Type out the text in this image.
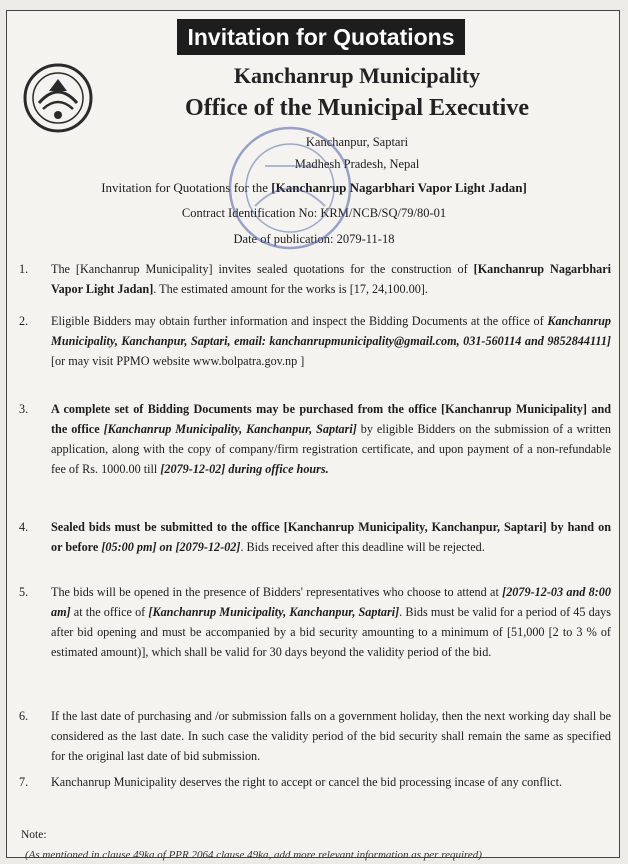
Invitation for Quotations
Kanchanrup Municipality
Office of the Municipal Executive
Kanchanpur, Saptari
Madhesh Pradesh, Nepal
Invitation for Quotations for the [Kanchanrup Nagarbhari Vapor Light Jadan]
Contract Identification No: KRM/NCB/SQ/79/80-01
Date of publication: 2079-11-18
1.	The [Kanchanrup Municipality] invites sealed quotations for the construction of [Kanchanrup Nagarbhari Vapor Light Jadan]. The estimated amount for the works is [17, 24,100.00].
2.	Eligible Bidders may obtain further information and inspect the Bidding Documents at the office of Kanchanrup Municipality, Kanchanpur, Saptari, email: kanchanrupmunicipality@gmail.com, 031-560114 and 9852844111] [or may visit PPMO website www.bolpatra.gov.np ]
3.	A complete set of Bidding Documents may be purchased from the office [Kanchanrup Municipality] and the office [Kanchanrup Municipality, Kanchanpur, Saptari] by eligible Bidders on the submission of a written application, along with the copy of company/firm registration certificate, and upon payment of a non-refundable fee of Rs. 1000.00 till [2079-12-02] during office hours.
4.	Sealed bids must be submitted to the office [Kanchanrup Municipality, Kanchanpur, Saptari] by hand on or before [05:00 pm] on [2079-12-02]. Bids received after this deadline will be rejected.
5.	The bids will be opened in the presence of Bidders' representatives who choose to attend at [2079-12-03 and 8:00 am] at the office of [Kanchanrup Municipality, Kanchanpur, Saptari]. Bids must be valid for a period of 45 days after bid opening and must be accompanied by a bid security amounting to a minimum of [51,000 [2 to 3 % of estimated amount)], which shall be valid for 30 days beyond the validity period of the bid.
6.	If the last date of purchasing and /or submission falls on a government holiday, then the next working day shall be considered as the last date. In such case the validity period of the bid security shall remain the same as specified for the original last date of bid submission.
7.	Kanchanrup Municipality deserves the right to accept or cancel the bid processing incase of any conflict.
Note:
(As mentioned in clause 49ka of PPR 2064 clause 49ka, add more relevant information as per required)
